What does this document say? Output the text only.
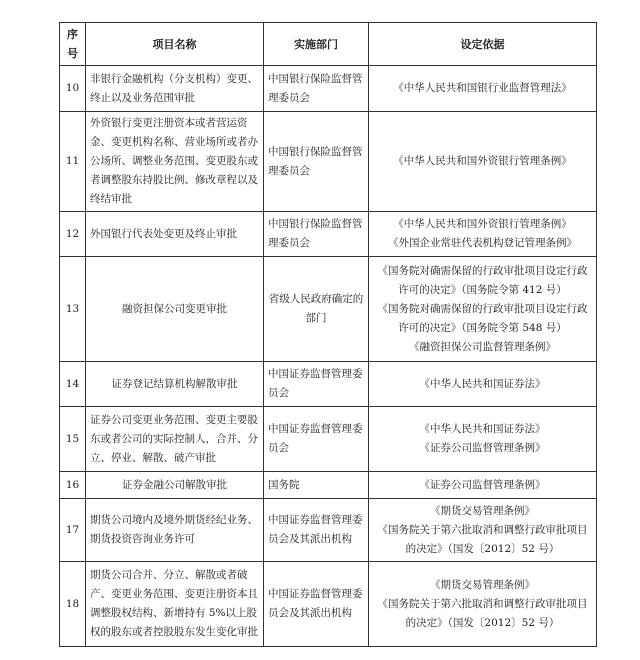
序号	项目名称	实施部门	设定依据
10	非银行金融机构（分支机构）变更、终止以及业务范围审批	中国银行保险监督管理委员会	《中华人民共和国银行业监督管理法》

11	外资银行变更注册资本或者营运资金、变更机构名称、营业场所或者办公场所、调整业务范围、变更股东或者调整股东持股比例、修改章程以及终结审批	中国银行保险监督管理委员会	《中华人民共和国外资银行管理条例》

12	外国银行代表处变更及终止审批	中国银行保险监督管理委员会	《中华人民共和国外资银行管理条例》
《外国企业常驻代表机构登记管理条例》

13	融资担保公司变更审批	省级人民政府确定的部门	《国务院对确需保留的行政审批项目设定行政许可的决定》（国务院令第 412 号）
《国务院对确需保留的行政审批项目设定行政许可的决定》（国务院令第 548 号）
《融资担保公司监督管理条例》

14	证券登记结算机构解散审批	中国证券监督管理委员会	《中华人民共和国证券法》

15	证券公司变更业务范围、变更主要股东或者公司的实际控制人，合并、分立、停业、解散、破产审批	中国证券监督管理委员会	《中华人民共和国证券法》
《证券公司监督管理条例》

16	证券金融公司解散审批	国务院	《证券公司监督管理条例》

17	期货公司境内及境外期货经纪业务、期货投资咨询业务许可	中国证券监督管理委员会及其派出机构	《期货交易管理条例》
《国务院关于第六批取消和调整行政审批项目的决定》（国发〔2012〕52 号）

18	期货公司合并、分立、解散或者破产、变更业务范围、变更注册资本且调整股权结构、新增持有 5%以上股权的股东或者控股股东发生变化审批	中国证券监督管理委员会及其派出机构	《期货交易管理条例》
《国务院关于第六批取消和调整行政审批项目的决定》（国发〔2012〕52 号）
